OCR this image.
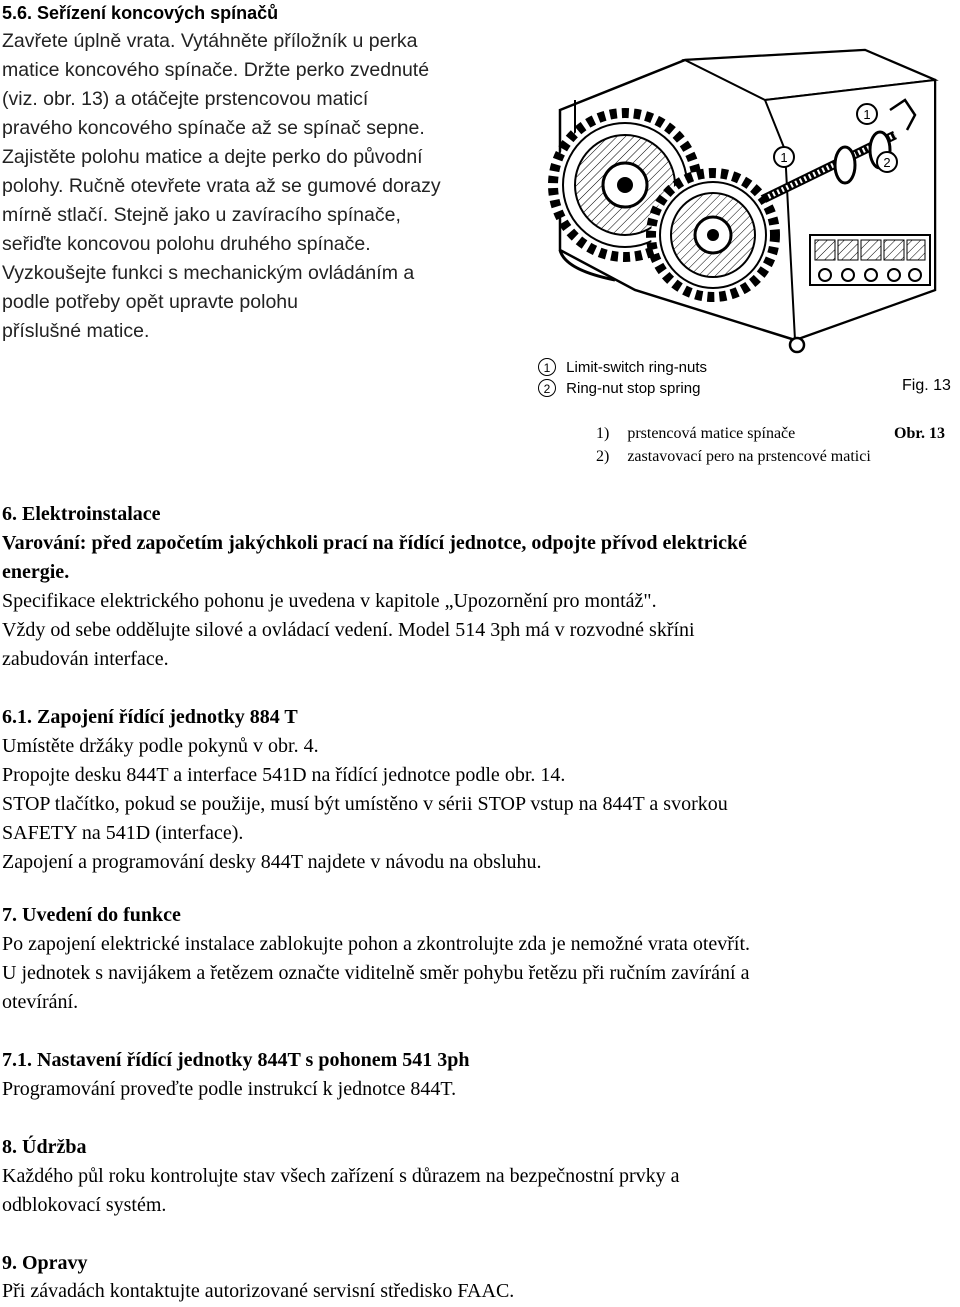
5.6. Seřízení koncových spínačů
Zavřete úplně vrata. Vytáhněte příložník u perka
matice koncového spínače. Držte perko zvednuté
(viz. obr. 13) a otáčejte prstencovou maticí
pravého koncového spínače až se spínač sepne.
Zajistěte polohu matice a dejte perko do původní
polohy. Ručně otevřete vrata až se gumové dorazy
mírně stlačí. Stejně jako u zavíracího spínače,
seřiďte koncovou polohu druhého spínače.
Vyzkoušejte funkci s mechanickým ovládáním a
podle potřeby opět upravte polohu
příslušné matice.
1
1	2
1 Limit-switch ring-nuts
2 Ring-nut stop spring	Fig. 13
1) prstencová matice spínače	Obr. 13
2) zastavovací pero na prstencové matici
6. Elektroinstalace
Varování: před započetím jakýchkoli prací na řídící jednotce, odpojte přívod elektrické
energie.
Specifikace elektrického pohonu je uvedena v kapitole „Upozornění pro montáž".
Vždy od sebe oddělujte silové a ovládací vedení. Model 514 3ph má v rozvodné skříni
zabudován interface.
6.1. Zapojení řídící jednotky 884 T
Umístěte držáky podle pokynů v obr. 4.
Propojte desku 844T a interface 541D na řídící jednotce podle obr. 14.
STOP tlačítko, pokud se použije, musí být umístěno v sérii STOP vstup na 844T a svorkou
SAFETY na 541D (interface).
Zapojení a programování desky 844T najdete v návodu na obsluhu.
7. Uvedení do funkce
Po zapojení elektrické instalace zablokujte pohon a zkontrolujte zda je nemožné vrata otevřít.
U jednotek s navijákem a řetězem označte viditelně směr pohybu řetězu při ručním zavírání a
otevírání.
7.1. Nastavení řídící jednotky 844T s pohonem 541 3ph
Programování proveďte podle instrukcí k jednotce 844T.
8. Údržba
Každého půl roku kontrolujte stav všech zařízení s důrazem na bezpečnostní prvky a
odblokovací systém.
9. Opravy
Při závadách kontaktujte autorizované servisní středisko FAAC.
